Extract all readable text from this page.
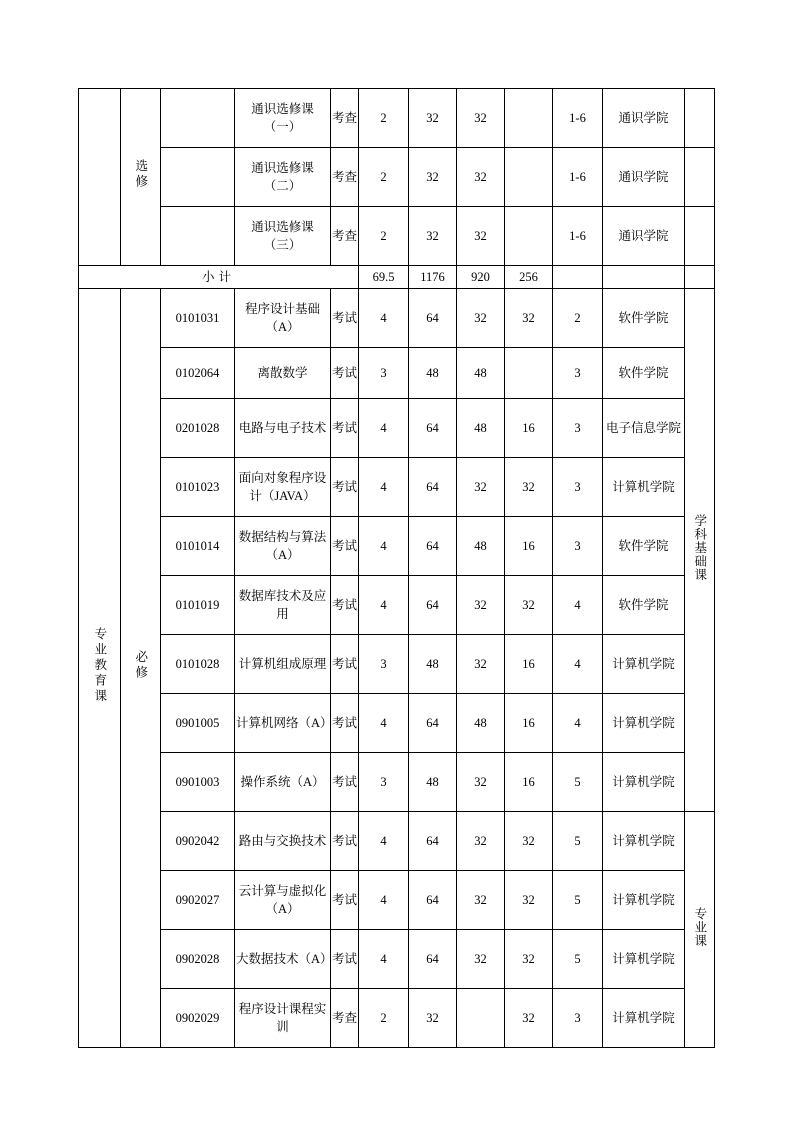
	选修		通识选修课（一）	考查	2	32	32		1-6	通识学院	
			通识选修课（二）	考查	2	32	32		1-6	通识学院	
			通识选修课（三）	考查	2	32	32		1-6	通识学院	
小计					69.5	1176	920	256			
专业教育课	必修	0101031	程序设计基础（A）	考试	4	64	32	32	2	软件学院	学科基础课
		0102064	离散数学	考试	3	48	48		3	软件学院	
		0201028	电路与电子技术	考试	4	64	48	16	3	电子信息学院	
		0101023	面向对象程序设计（JAVA）	考试	4	64	32	32	3	计算机学院	
		0101014	数据结构与算法（A）	考试	4	64	48	16	3	软件学院	
		0101019	数据库技术及应用	考试	4	64	32	32	4	软件学院	
		0101028	计算机组成原理	考试	3	48	32	16	4	计算机学院	
		0901005	计算机网络（A）	考试	4	64	48	16	4	计算机学院	
		0901003	操作系统（A）	考试	3	48	32	16	5	计算机学院	
		0902042	路由与交换技术	考试	4	64	32	32	5	计算机学院	专业课
		0902027	云计算与虚拟化（A）	考试	4	64	32	32	5	计算机学院	
		0902028	大数据技术（A）	考试	4	64	32	32	5	计算机学院	
		0902029	程序设计课程实训	考查	2	32		32	3	计算机学院	
